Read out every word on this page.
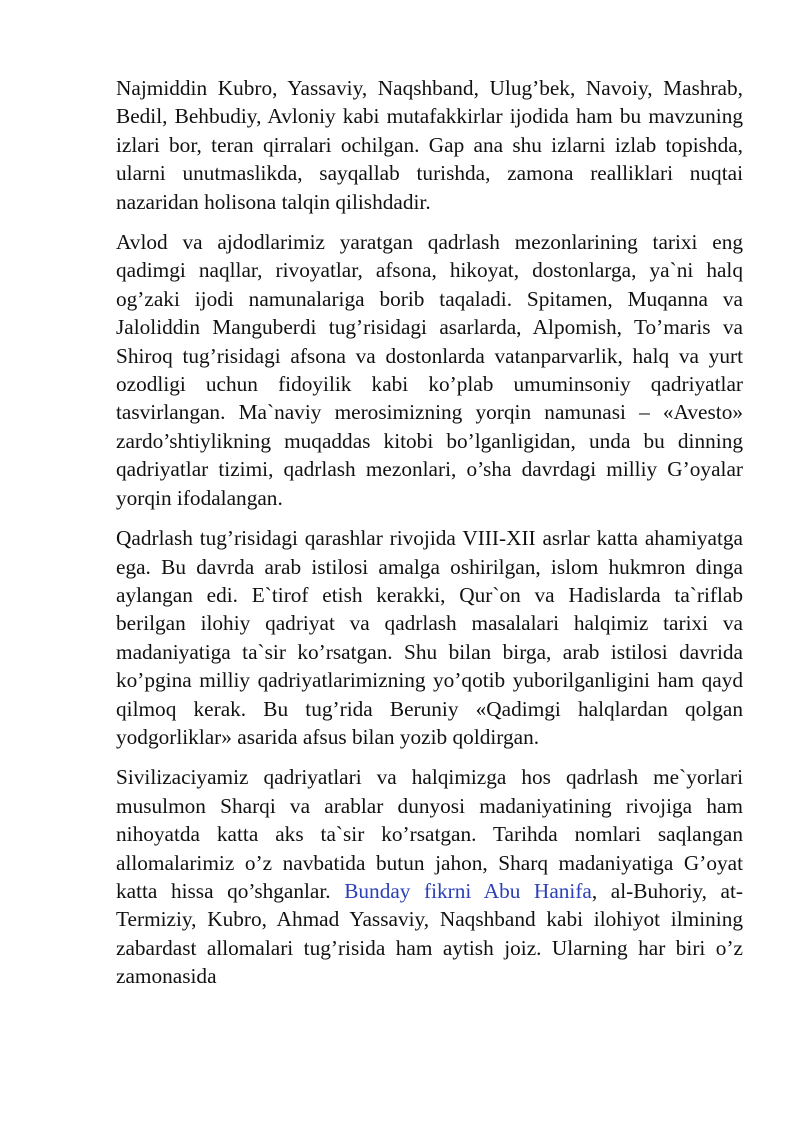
Najmiddin Kubro, Yassaviy, Naqshband, Ulug’bek, Navoiy, Mashrab, Bedil, Behbudiy, Avloniy kabi mutafakkirlar ijodida ham bu mavzuning izlari bor, teran qirralari ochilgan. Gap ana shu izlarni izlab topishda, ularni unutmaslikda, sayqallab turishda, zamona realliklari nuqtai nazaridan holisona talqin qilishdadir.

Avlod va ajdodlarimiz yaratgan qadrlash mezonlarining tarixi eng qadimgi naqllar, rivoyatlar, afsona, hikoyat, dostonlarga, ya`ni halq og’zaki ijodi namunalariga borib taqaladi. Spitamen, Muqanna va Jaloliddin Manguberdi tug’risidagi asarlarda, Alpomish, To’maris va Shiroq tug’risidagi afsona va dostonlarda vatanparvarlik, halq va yurt ozodligi uchun fidoyilik kabi ko’plab umuminsoniy qadriyatlar tasvirlangan. Ma`naviy merosimizning yorqin namunasi – «Avesto» zardo’shtiylikning muqaddas kitobi bo’lganligidan, unda bu dinning qadriyatlar tizimi, qadrlash mezonlari, o’sha davrdagi milliy G’oyalar yorqin ifodalangan.

Qadrlash tug’risidagi qarashlar rivojida VIII-XII asrlar katta ahamiyatga ega. Bu davrda arab istilosi amalga oshirilgan, islom hukmron dinga aylangan edi. E`tirof etish kerakki, Qur`on va Hadislarda ta`riflab berilgan ilohiy qadriyat va qadrlash masalalari halqimiz tarixi va madaniyatiga ta`sir ko’rsatgan. Shu bilan birga, arab istilosi davrida ko’pgina milliy qadriyatlarimizning yo’qotib yuborilganligini ham qayd qilmoq kerak. Bu tug’rida Beruniy «Qadimgi halqlardan qolgan yodgorliklar» asarida afsus bilan yozib qoldirgan.

Sivilizaciyamiz qadriyatlari va halqimizga hos qadrlash me`yorlari musulmon Sharqi va arablar dunyosi madaniyatining rivojiga ham nihoyatda katta aks ta`sir ko’rsatgan. Tarihda nomlari saqlangan allomalarimiz o’z navbatida butun jahon, Sharq madaniyatiga G’oyat katta hissa qo’shganlar. Bunday fikrni Abu Hanifa, al-Buhoriy, at-Termiziy, Kubro, Ahmad Yassaviy, Naqshband kabi ilohiyot ilmining zabardast allomalari tug’risida ham aytish joiz. Ularning har biri o’z zamonasida
